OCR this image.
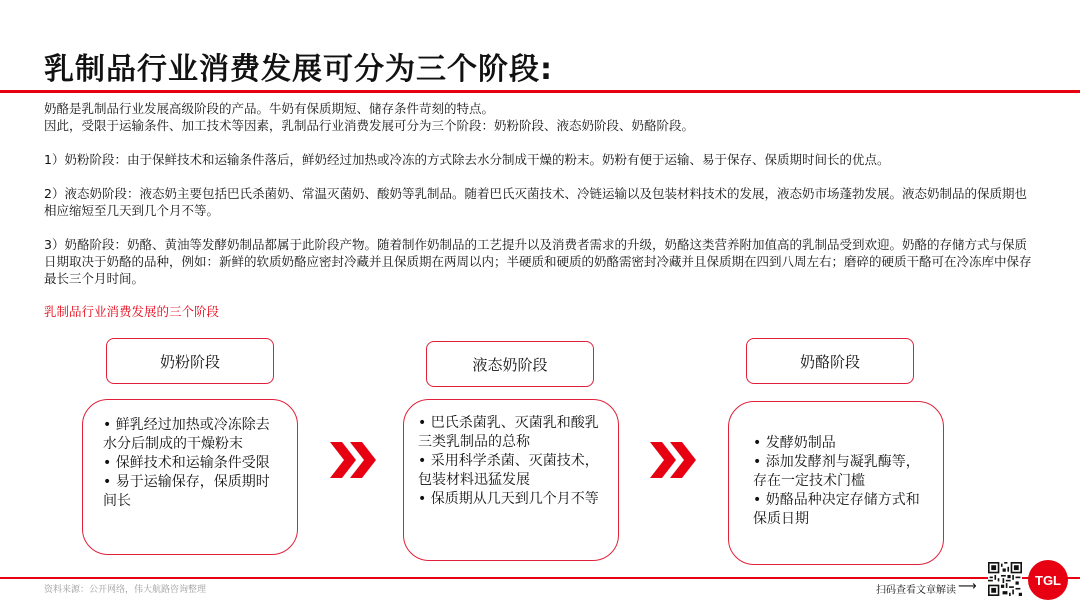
乳制品行业消费发展可分为三个阶段:

奶酪是乳制品行业发展高级阶段的产品。牛奶有保质期短、储存条件苛刻的特点。

因此，受限于运输条件、加工技术等因素，乳制品行业消费发展可分为三个阶段：奶粉阶段、液态奶阶段、奶酪阶段。

1）奶粉阶段：由于保鲜技术和运输条件落后，鲜奶经过加热或冷冻的方式除去水分制成干燥的粉末。奶粉有便于运输、易于保存、保质期时间长的优点。

2）液态奶阶段：液态奶主要包括巴氏杀菌奶、常温灭菌奶、酸奶等乳制品。随着巴氏灭菌技术、冷链运输以及包装材料技术的发展，液态奶市场蓬勃发展。液态奶制品的保质期也相应缩短至几天到几个月不等。

3）奶酪阶段：奶酪、黄油等发酵奶制品都属于此阶段产物。随着制作奶制品的工艺提升以及消费者需求的升级，奶酪这类营养附加值高的乳制品受到欢迎。奶酪的存储方式与保质日期取决于奶酪的品种，例如：新鲜的软质奶酪应密封冷藏并且保质期在两周以内；半硬质和硬质的奶酪需密封冷藏并且保质期在四到八周左右；磨碎的硬质干酪可在冷冻库中保存最长三个月时间。

乳制品行业消费发展的三个阶段
奶粉阶段
• 鲜乳经过加热或冷冻除去水分后制成的干燥粉末
• 保鲜技术和运输条件受限
• 易于运输保存，保质期时间长
液态奶阶段
• 巴氏杀菌乳、灭菌乳和酸乳
三类乳制品的总称
• 采用科学杀菌、灭菌技术，包装材料迅猛发展
• 保质期从几天到几个月不等
奶酪阶段
• 发酵奶制品
• 添加发酵剂与凝乳酶等，存在一定技术门槛
• 奶酪品种决定存储方式和保质日期
资料来源：公开网络，伟大航路咨询整理	扫码查看文章解读 ⟶	TGL
